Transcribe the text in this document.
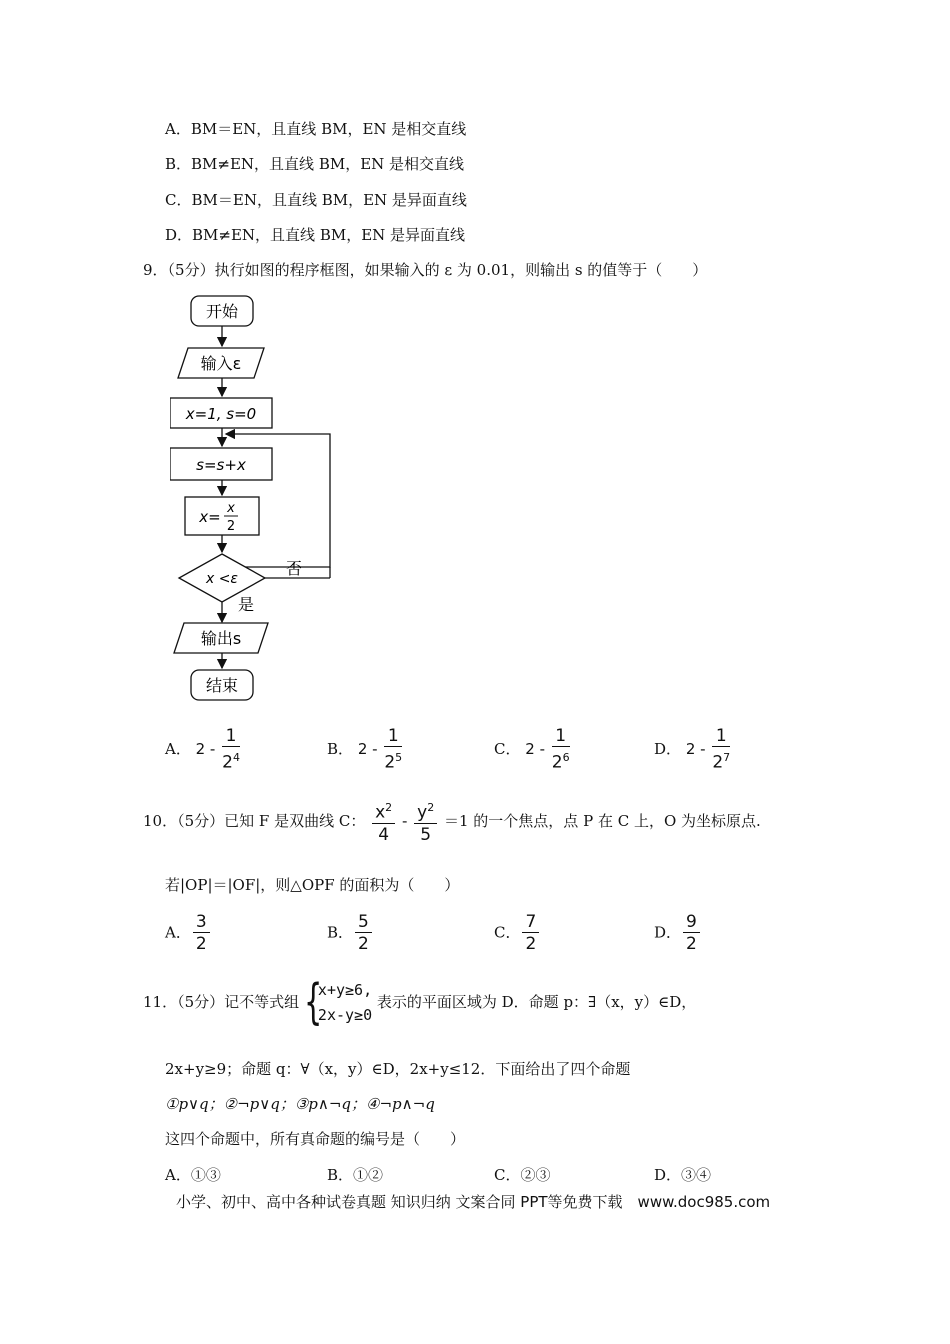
A．BM＝EN，且直线 BM，EN 是相交直线
B．BM≠EN，且直线 BM，EN 是相交直线
C．BM＝EN，且直线 BM，EN 是异面直线
D．BM≠EN，且直线 BM，EN 是异面直线
9．（5分）执行如图的程序框图，如果输入的 ε 为 0.01，则输出 s 的值等于（　　）
开始
输入ε
x=1, s=0
s=s+x
x= x
2
x <ε
否
是
输出s
结束
A． $2 - \frac{1}{2^4}$	B． $2 - \frac{1}{2^5}$	C． $2 - \frac{1}{2^6}$	D． $2 - \frac{1}{2^7}$
10．（5分）已知 F 是双曲线 C： $\frac{x^2}{4} - \frac{y^2}{5} =1$ 的一个焦点，点 P 在 C 上，O 为坐标原点.
若|OP|＝|OF|，则△OPF 的面积为（　　）
A． $\frac{3}{2}$	B． $\frac{5}{2}$	C． $\frac{7}{2}$	D． $\frac{9}{2}$
11．（5分）记不等式组 {
x+y≥6,
2x-y≥0
表示的平面区域为 D．命题 p：∃（x，y）∈D，
2x+y≥9；命题 q：∀（x，y）∈D，2x+y≤12．下面给出了四个命题
①p∨q；②¬p∨q；③p∧¬q；④¬p∧¬q
这四个命题中，所有真命题的编号是（　　）
A．①③	B．①②	C．②③	D．③④
小学、初中、高中各种试卷真题 知识归纳 文案合同 PPT等免费下载　www.doc985.com
